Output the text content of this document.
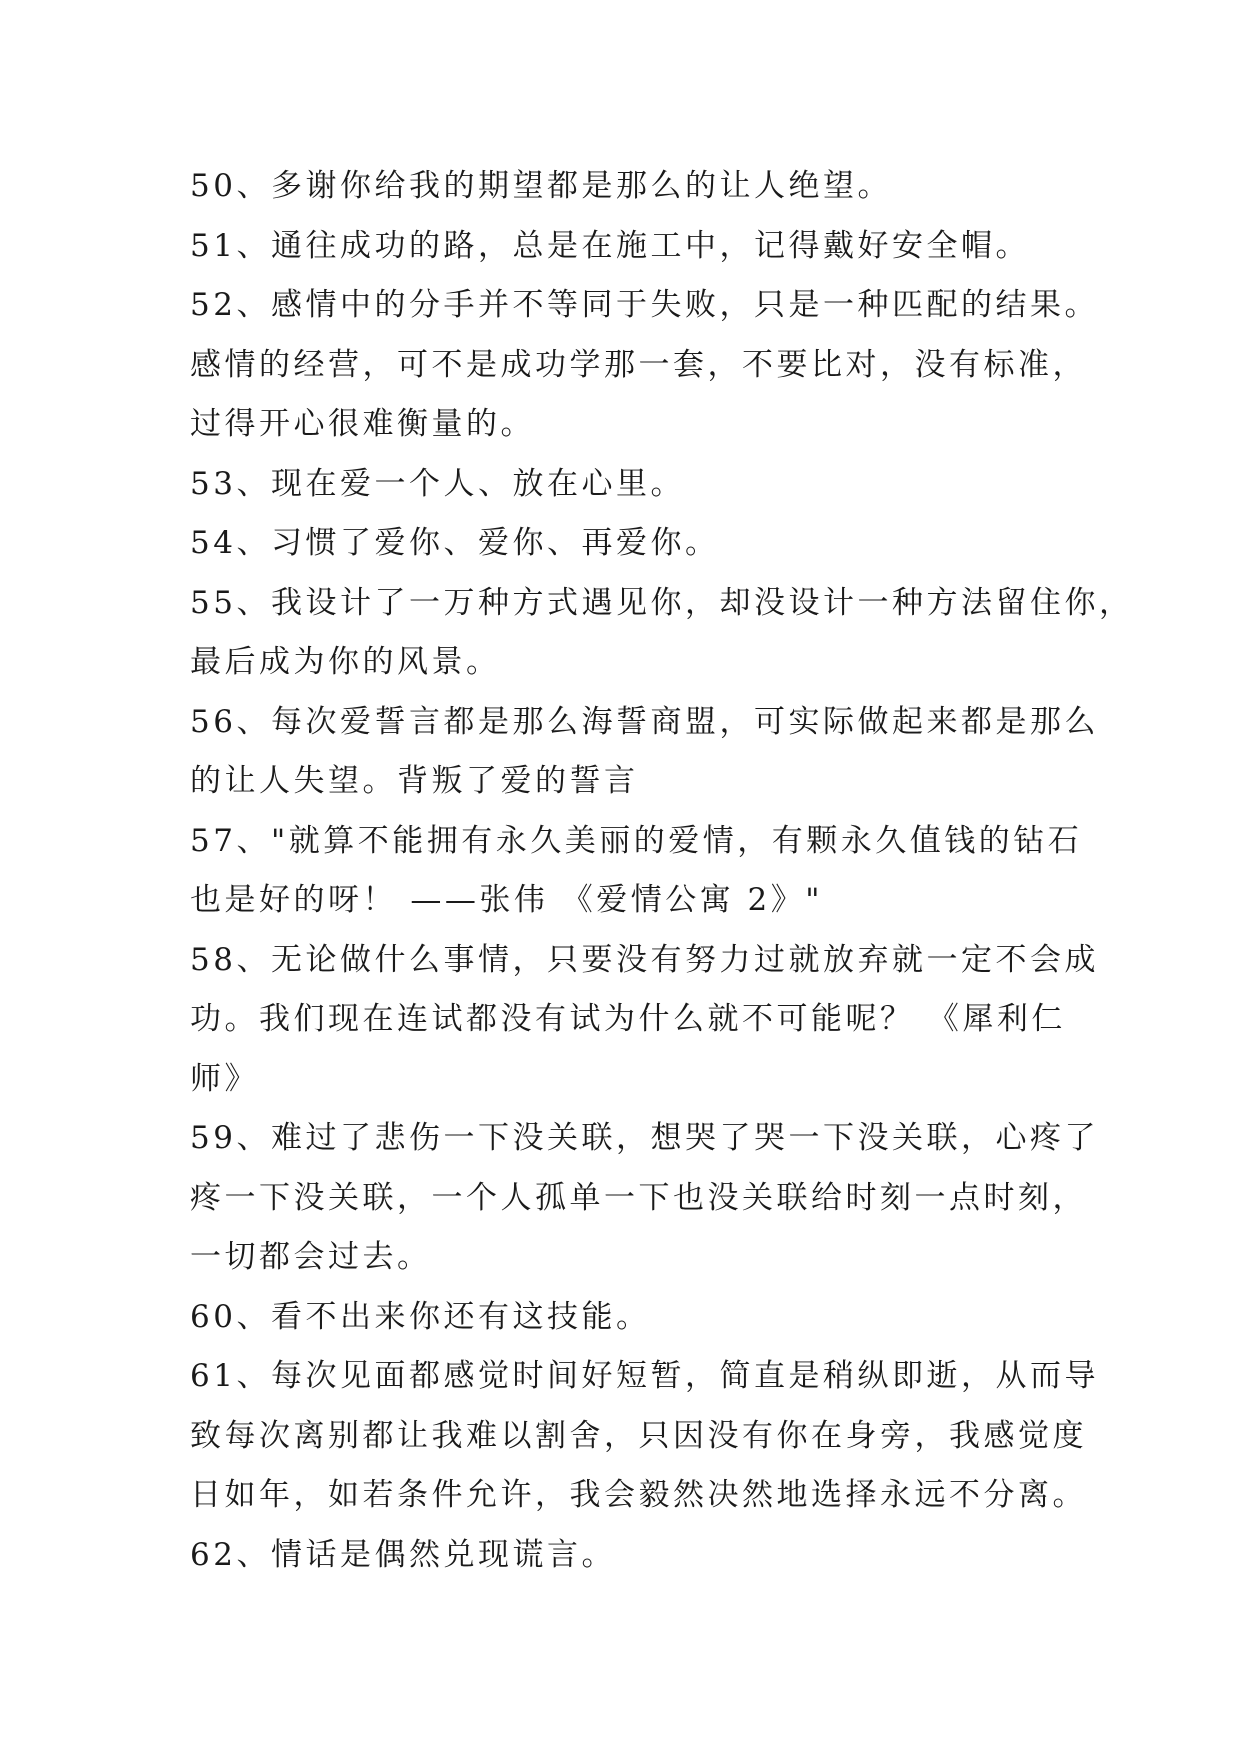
50、多谢你给我的期望都是那么的让人绝望。
51、通往成功的路，总是在施工中，记得戴好安全帽。
52、感情中的分手并不等同于失败，只是一种匹配的结果。
感情的经营，可不是成功学那一套，不要比对，没有标准，
过得开心很难衡量的。
53、现在爱一个人、放在心里。
54、习惯了爱你、爱你、再爱你。
55、我设计了一万种方式遇见你，却没设计一种方法留住你，
最后成为你的风景。
56、每次爱誓言都是那么海誓商盟，可实际做起来都是那么
的让人失望。背叛了爱的誓言
57、"就算不能拥有永久美丽的爱情，有颗永久值钱的钻石
也是好的呀！ ——张伟 《爱情公寓 2》"
58、无论做什么事情，只要没有努力过就放弃就一定不会成
功。我们现在连试都没有试为什么就不可能呢？ 《犀利仁
师》
59、难过了悲伤一下没关联，想哭了哭一下没关联，心疼了
疼一下没关联，一个人孤单一下也没关联给时刻一点时刻，
一切都会过去。
60、看不出来你还有这技能。
61、每次见面都感觉时间好短暂，简直是稍纵即逝，从而导
致每次离别都让我难以割舍，只因没有你在身旁，我感觉度
日如年，如若条件允许，我会毅然决然地选择永远不分离。
62、情话是偶然兑现谎言。
